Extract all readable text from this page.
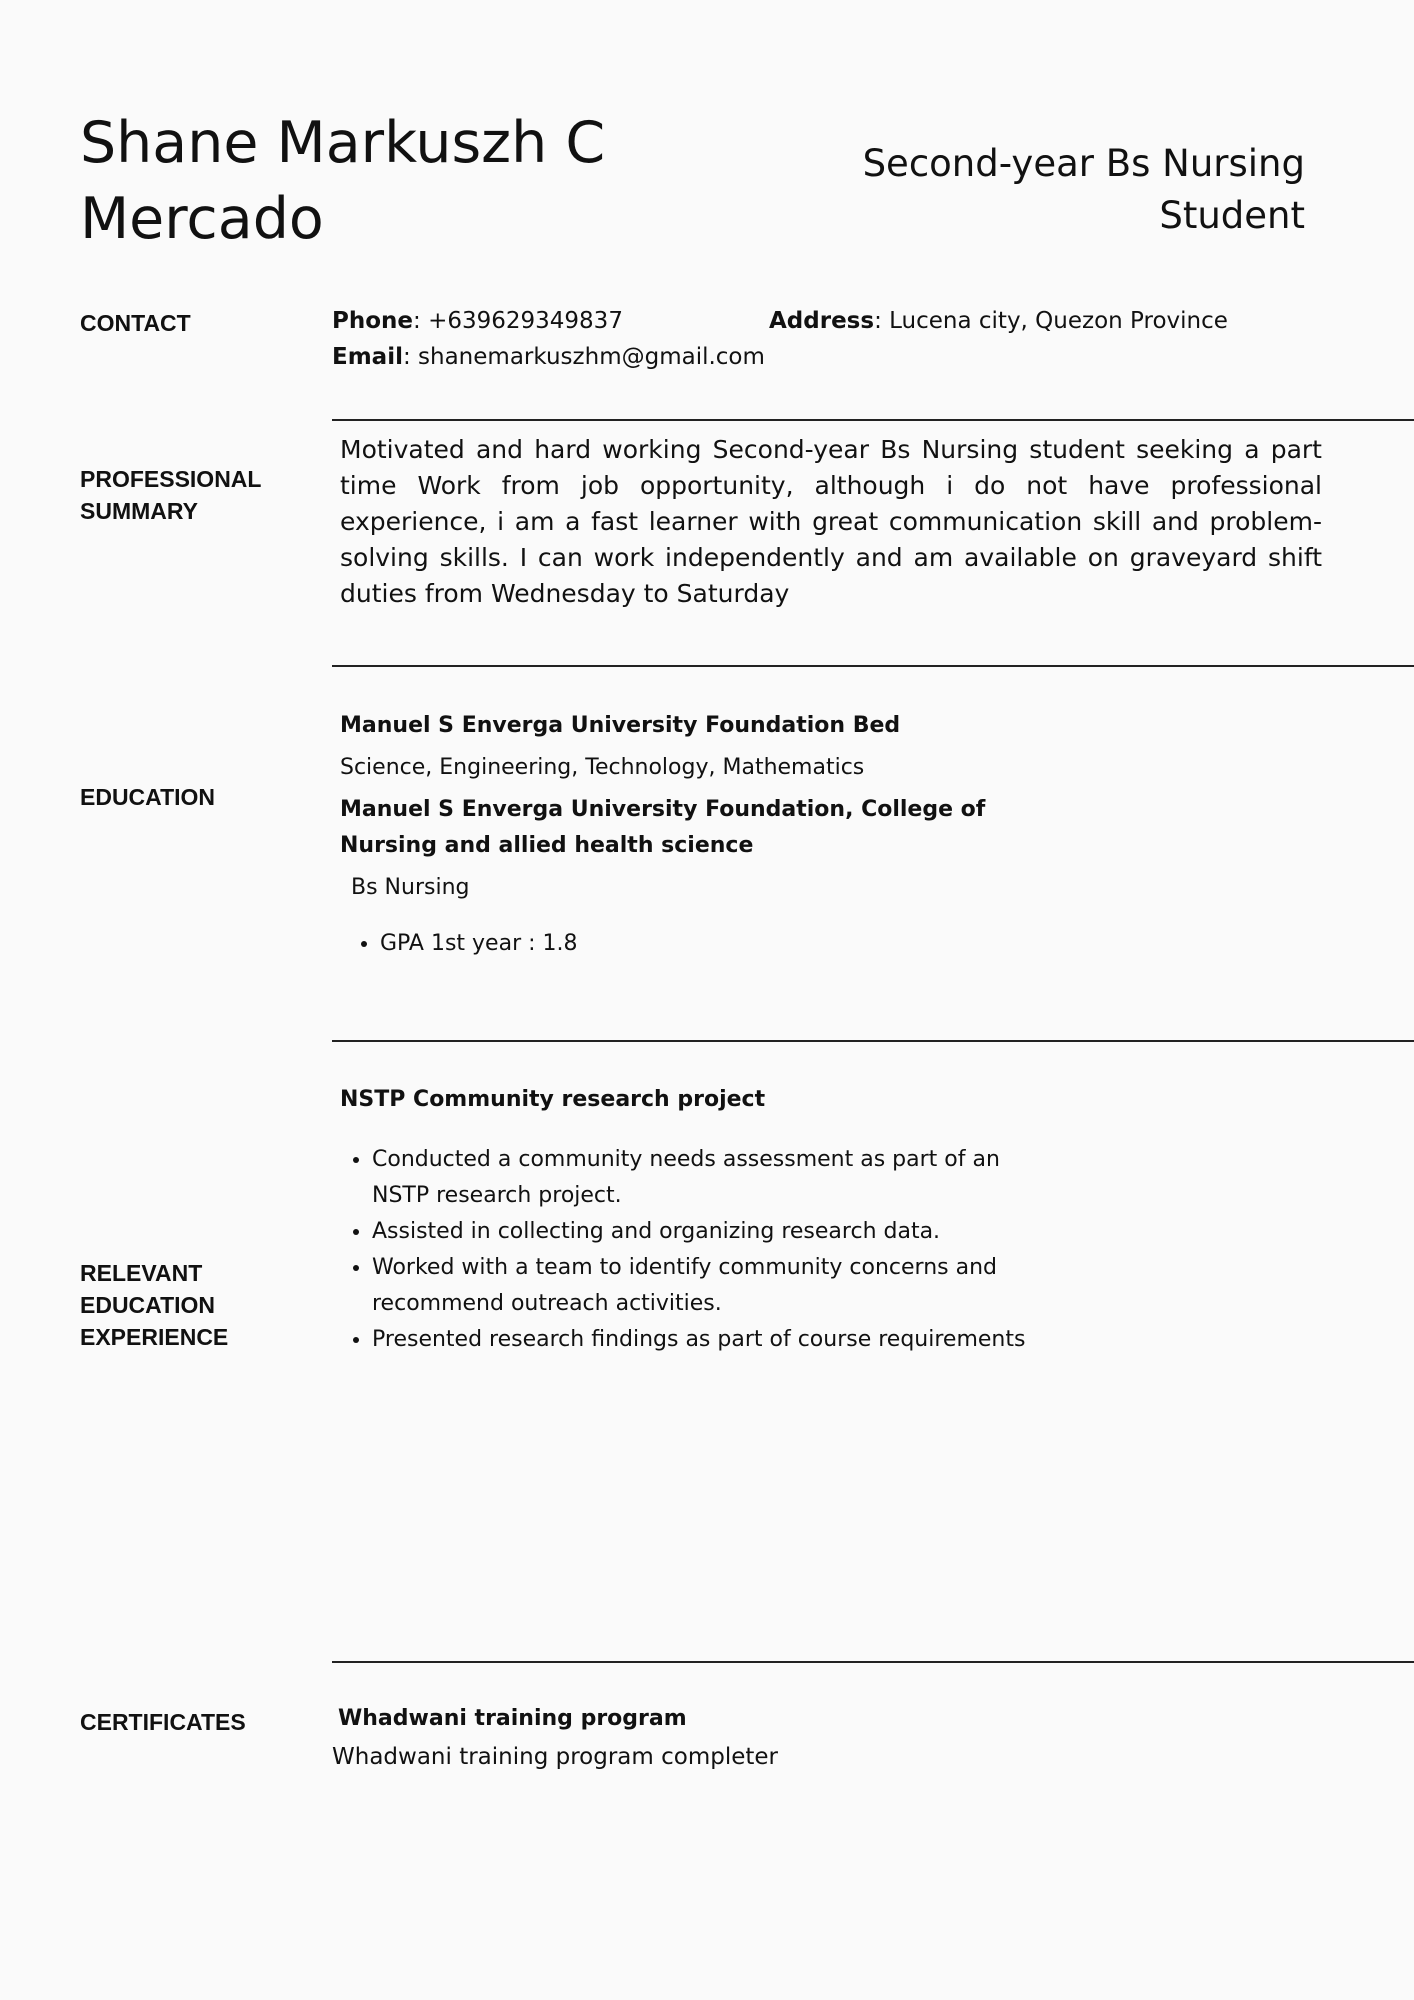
Shane Markuszh C Mercado
Second-year Bs Nursing Student
CONTACT	Phone: +639629349837
Email: shanemarkuszhm@gmail.com
Address: Lucena city, Quezon Province
PROFESSIONAL SUMMARY
Motivated and hard working Second-year Bs Nursing student seeking a part time Work from job opportunity, although i do not have professional experience, i am a fast learner with great communication skill and problem-solving skills. I can work independently and am available on graveyard shift duties from Wednesday to Saturday
EDUCATION
Manuel S Enverga University Foundation Bed
Science, Engineering, Technology, Mathematics
Manuel S Enverga University Foundation, College of Nursing and allied health science
Bs Nursing
• GPA 1st year : 1.8
RELEVANT EDUCATION EXPERIENCE
NSTP Community research project
• Conducted a community needs assessment as part of an NSTP research project.
• Assisted in collecting and organizing research data.
• Worked with a team to identify community concerns and recommend outreach activities.
• Presented research findings as part of course requirements
CERTIFICATES	Whadwani training program
Whadwani training program completer
